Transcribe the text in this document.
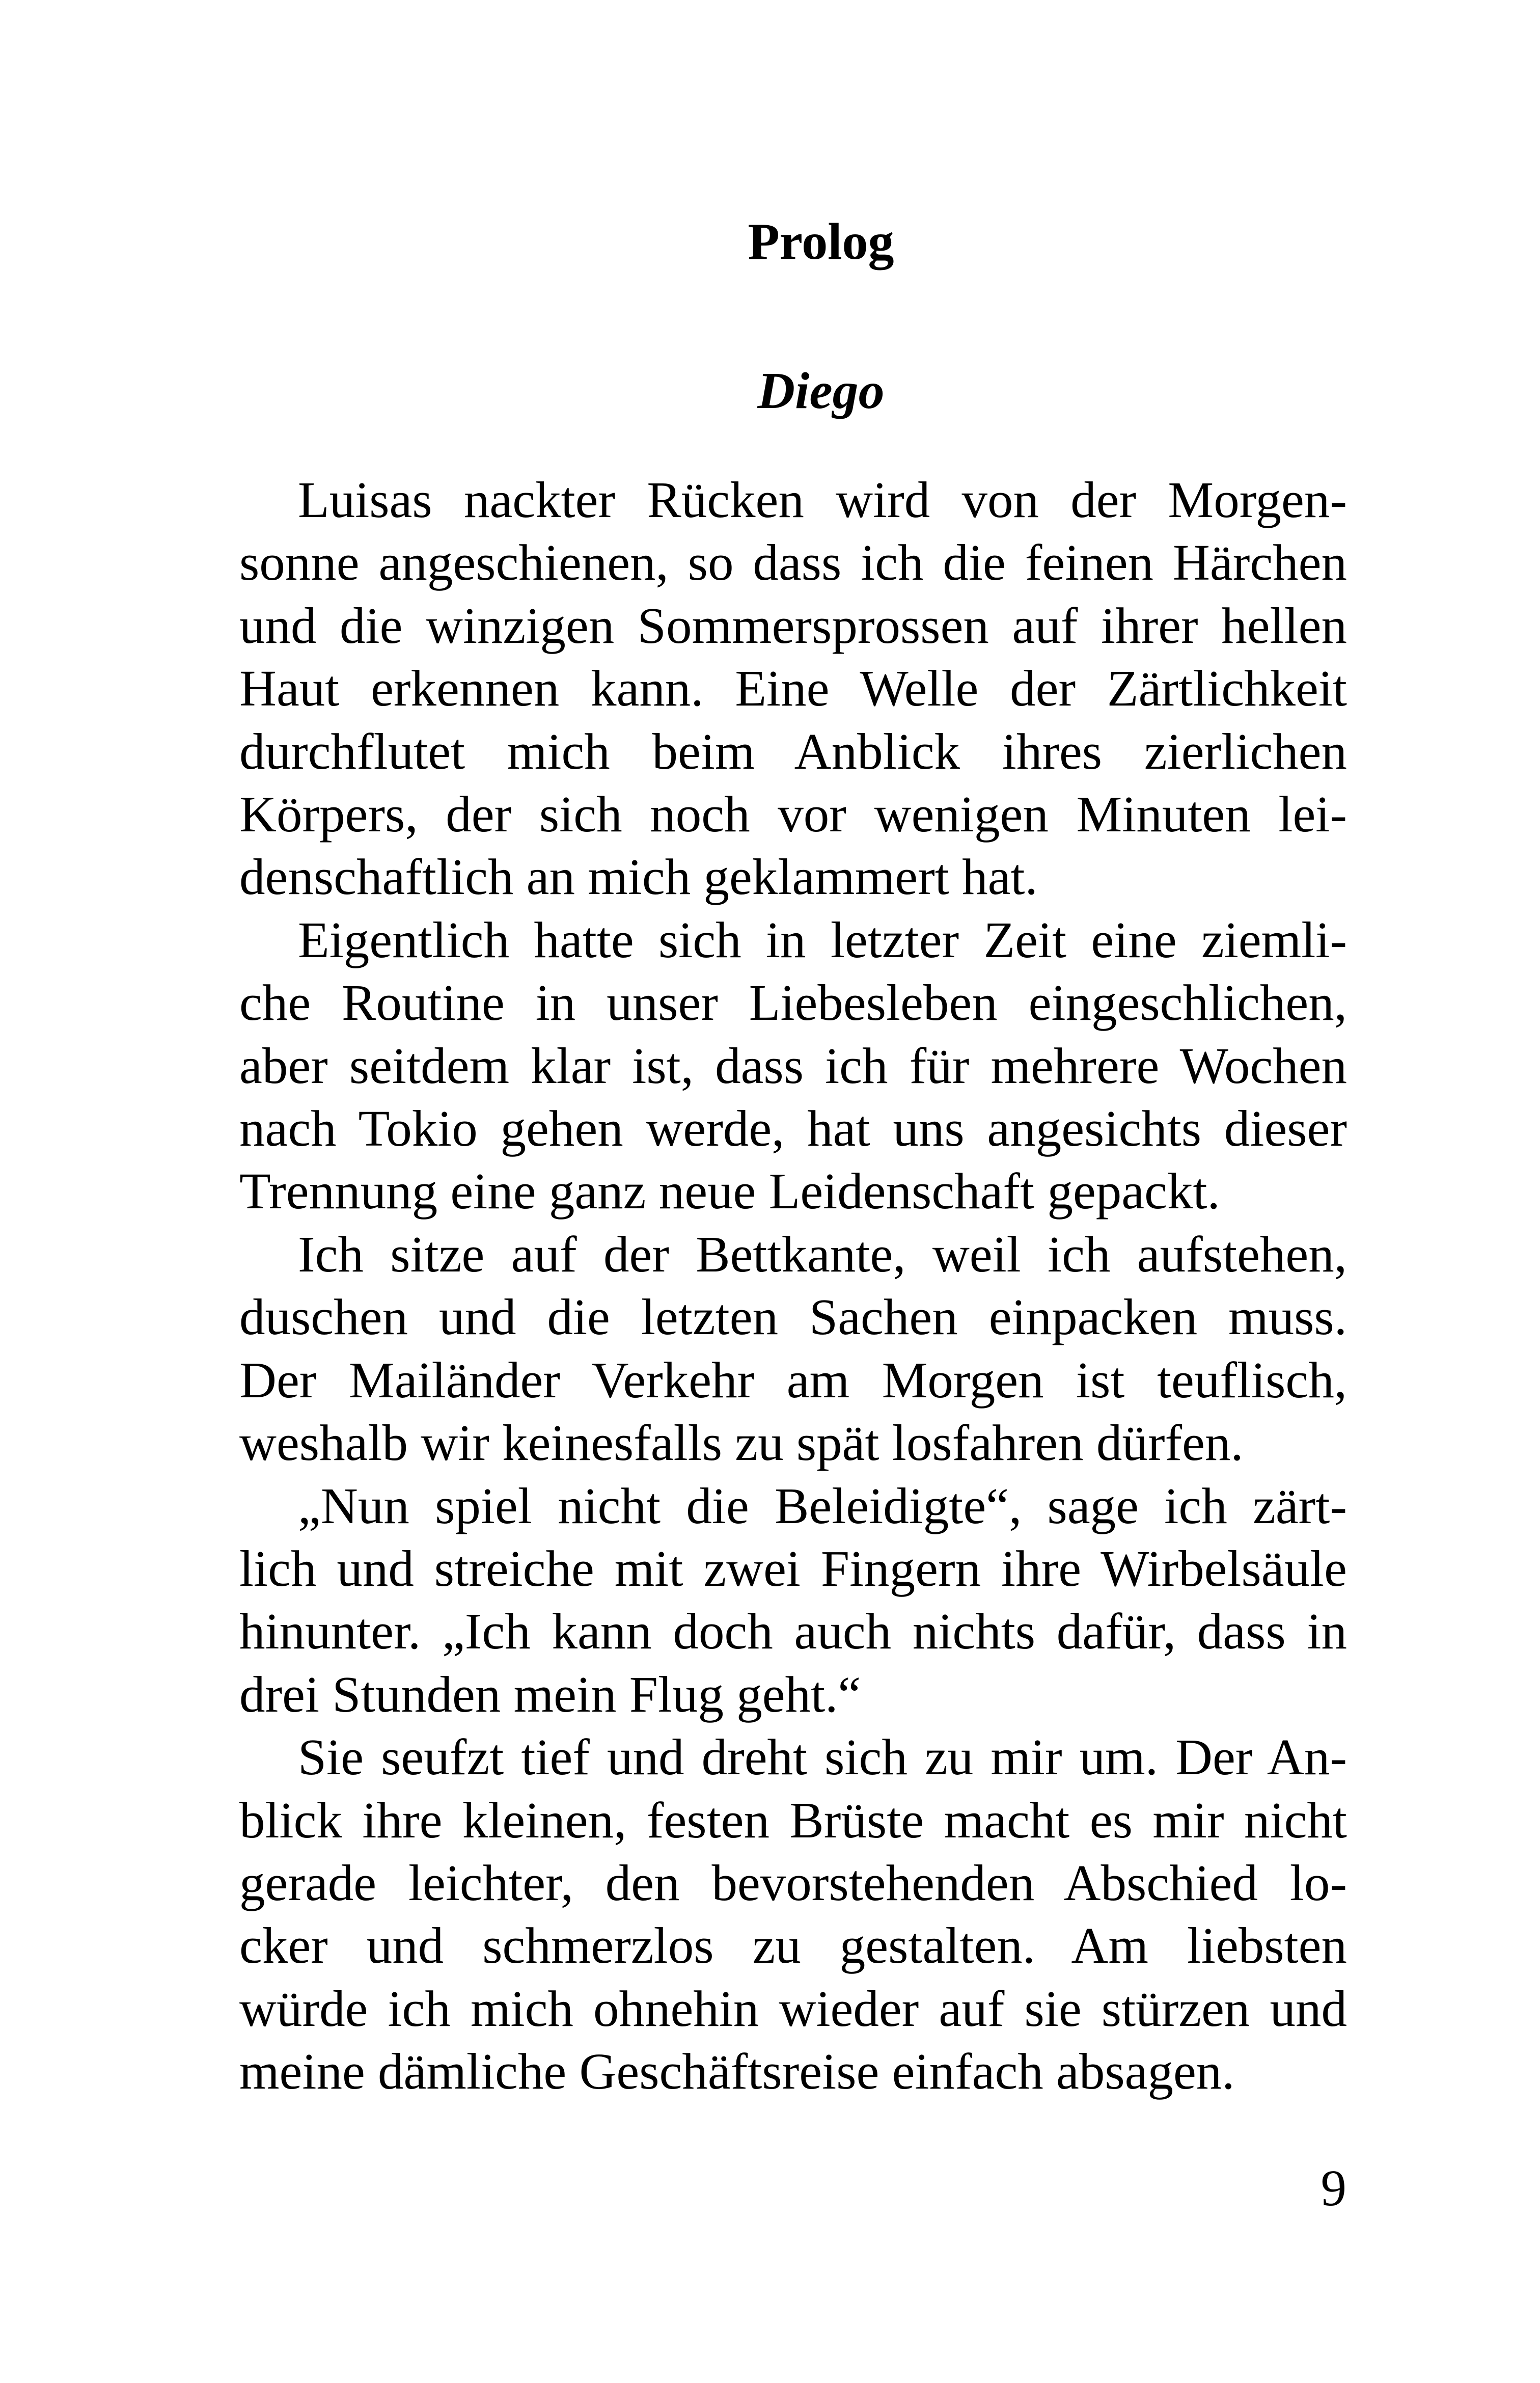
Prolog
Diego
Luisas nackter Rücken wird von der Morgen-
sonne angeschienen, so dass ich die feinen Härchen
und die winzigen Sommersprossen auf ihrer hellen
Haut erkennen kann. Eine Welle der Zärtlichkeit
durchflutet mich beim Anblick ihres zierlichen
Körpers, der sich noch vor wenigen Minuten lei-
denschaftlich an mich geklammert hat.
Eigentlich hatte sich in letzter Zeit eine ziemli-
che Routine in unser Liebesleben eingeschlichen,
aber seitdem klar ist, dass ich für mehrere Wochen
nach Tokio gehen werde, hat uns angesichts dieser
Trennung eine ganz neue Leidenschaft gepackt.
Ich sitze auf der Bettkante, weil ich aufstehen,
duschen und die letzten Sachen einpacken muss.
Der Mailänder Verkehr am Morgen ist teuflisch,
weshalb wir keinesfalls zu spät losfahren dürfen.
„Nun spiel nicht die Beleidigte“, sage ich zärt-
lich und streiche mit zwei Fingern ihre Wirbelsäule
hinunter. „Ich kann doch auch nichts dafür, dass in
drei Stunden mein Flug geht.“
Sie seufzt tief und dreht sich zu mir um. Der An-
blick ihre kleinen, festen Brüste macht es mir nicht
gerade leichter, den bevorstehenden Abschied lo-
cker und schmerzlos zu gestalten. Am liebsten
würde ich mich ohnehin wieder auf sie stürzen und
meine dämliche Geschäftsreise einfach absagen.
9
